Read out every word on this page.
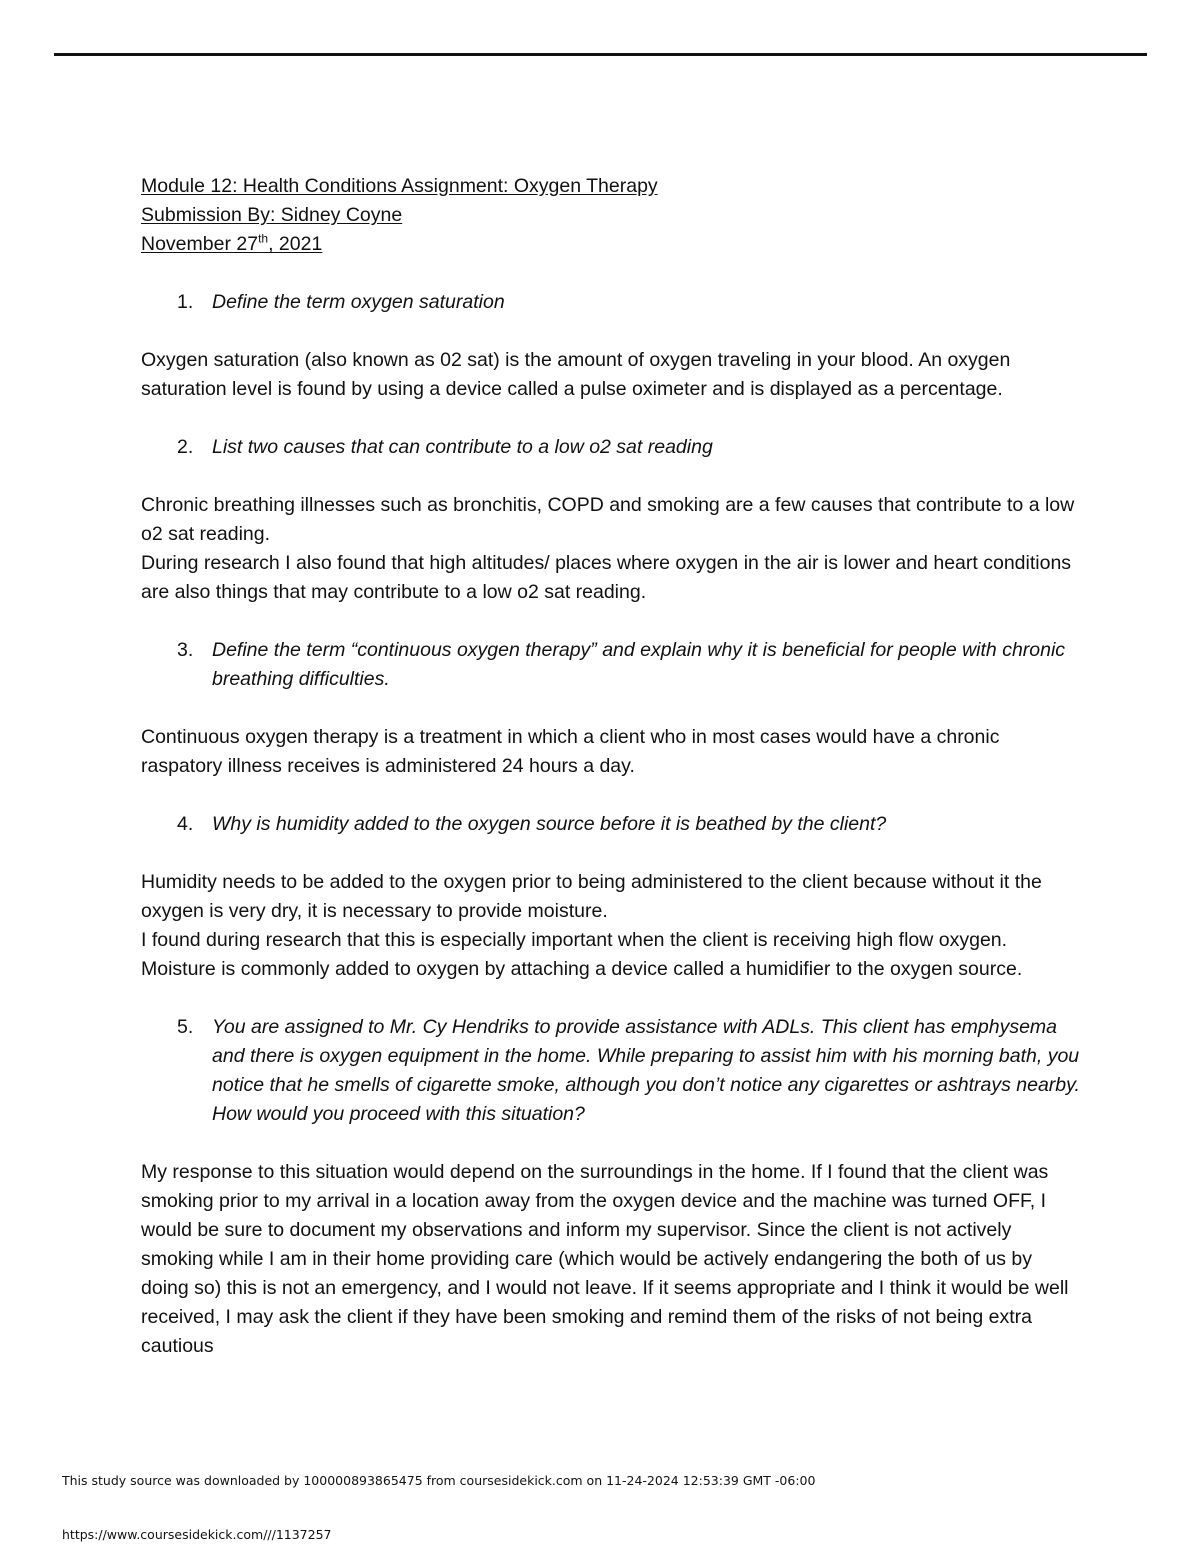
Module 12: Health Conditions Assignment: Oxygen Therapy
Submission By: Sidney Coyne
November 27th, 2021
1. Define the term oxygen saturation

Oxygen saturation (also known as 02 sat) is the amount of oxygen traveling in your blood. An oxygen saturation level is found by using a device called a pulse oximeter and is displayed as a percentage.

2. List two causes that can contribute to a low o2 sat reading

Chronic breathing illnesses such as bronchitis, COPD and smoking are a few causes that contribute to a low o2 sat reading.

During research I also found that high altitudes/ places where oxygen in the air is lower and heart conditions are also things that may contribute to a low o2 sat reading.

3. Define the term “continuous oxygen therapy” and explain why it is beneficial for people with chronic breathing difficulties.

Continuous oxygen therapy is a treatment in which a client who in most cases would have a chronic raspatory illness receives is administered 24 hours a day.

4. Why is humidity added to the oxygen source before it is beathed by the client?

Humidity needs to be added to the oxygen prior to being administered to the client because without it the oxygen is very dry, it is necessary to provide moisture.

I found during research that this is especially important when the client is receiving high flow oxygen. Moisture is commonly added to oxygen by attaching a device called a humidifier to the oxygen source.

5. You are assigned to Mr. Cy Hendriks to provide assistance with ADLs. This client has emphysema and there is oxygen equipment in the home. While preparing to assist him with his morning bath, you notice that he smells of cigarette smoke, although you don’t notice any cigarettes or ashtrays nearby. How would you proceed with this situation?

My response to this situation would depend on the surroundings in the home. If I found that the client was smoking prior to my arrival in a location away from the oxygen device and the machine was turned OFF, I would be sure to document my observations and inform my supervisor. Since the client is not actively smoking while I am in their home providing care (which would be actively endangering the both of us by doing so) this is not an emergency, and I would not leave. If it seems appropriate and I think it would be well received, I may ask the client if they have been smoking and remind them of the risks of not being extra cautious

This study source was downloaded by 100000893865475 from coursesidekick.com on 11-24-2024 12:53:39 GMT -06:00
https://www.coursesidekick.com///1137257
